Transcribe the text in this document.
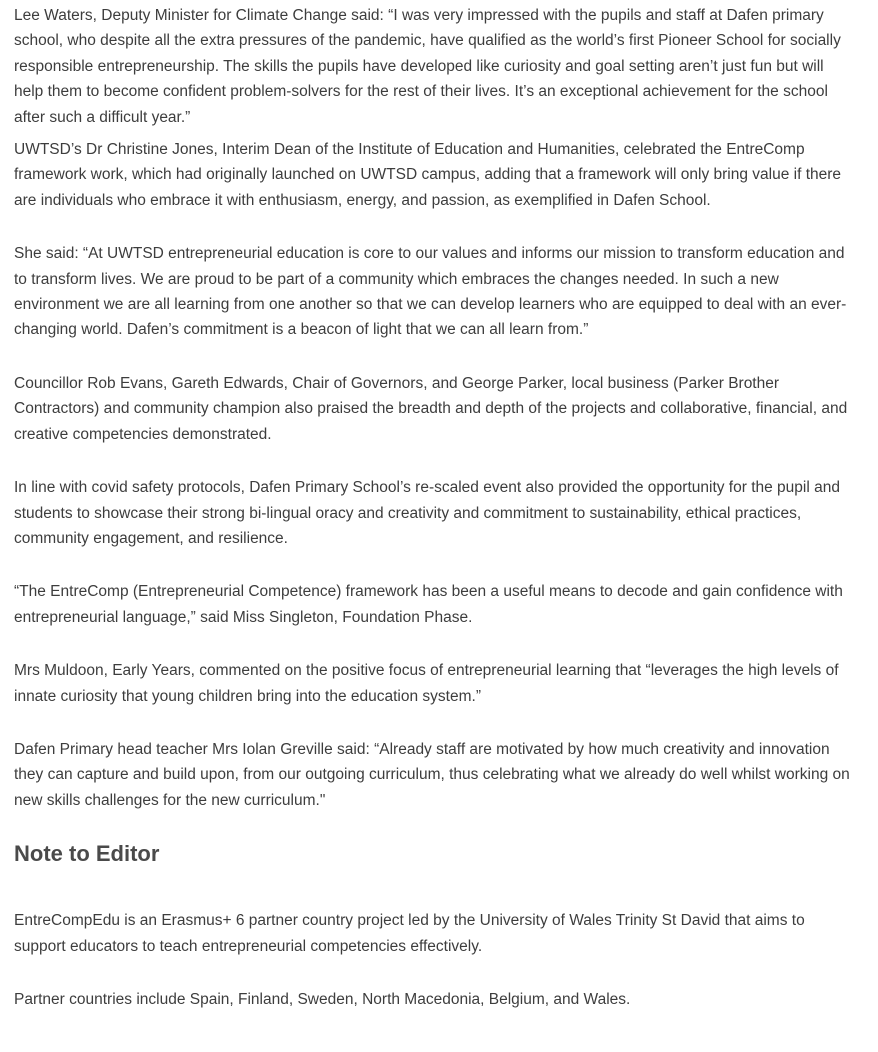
Lee Waters, Deputy Minister for Climate Change said: “I was very impressed with the pupils and staff at Dafen primary school, who despite all the extra pressures of the pandemic, have qualified as the world’s first Pioneer School for socially responsible entrepreneurship. The skills the pupils have developed like curiosity and goal setting aren’t just fun but will help them to become confident problem-solvers for the rest of their lives. It’s an exceptional achievement for the school after such a difficult year.”

UWTSD’s Dr Christine Jones, Interim Dean of the Institute of Education and Humanities, celebrated the EntreComp framework work, which had originally launched on UWTSD campus, adding that a framework will only bring value if there are individuals who embrace it with enthusiasm, energy, and passion, as exemplified in Dafen School.

She said: “At UWTSD entrepreneurial education is core to our values and informs our mission to transform education and to transform lives. We are proud to be part of a community which embraces the changes needed. In such a new environment we are all learning from one another so that we can develop learners who are equipped to deal with an ever-changing world. Dafen’s commitment is a beacon of light that we can all learn from.”

Councillor Rob Evans, Gareth Edwards, Chair of Governors, and George Parker, local business (Parker Brother Contractors) and community champion also praised the breadth and depth of the projects and collaborative, financial, and creative competencies demonstrated.

In line with covid safety protocols, Dafen Primary School’s re-scaled event also provided the opportunity for the pupil and students to showcase their strong bi-lingual oracy and creativity and commitment to sustainability, ethical practices, community engagement, and resilience.

“The EntreComp (Entrepreneurial Competence) framework has been a useful means to decode and gain confidence with entrepreneurial language,” said Miss Singleton, Foundation Phase.

Mrs Muldoon, Early Years, commented on the positive focus of entrepreneurial learning that “leverages the high levels of innate curiosity that young children bring into the education system.”

Dafen Primary head teacher Mrs Iolan Greville said: “Already staff are motivated by how much creativity and innovation they can capture and build upon, from our outgoing curriculum, thus celebrating what we already do well whilst working on new skills challenges for the new curriculum."

Note to Editor

EntreCompEdu is an Erasmus+ 6 partner country project led by the University of Wales Trinity St David that aims to support educators to teach entrepreneurial competencies effectively.

Partner countries include Spain, Finland, Sweden, North Macedonia, Belgium, and Wales.
